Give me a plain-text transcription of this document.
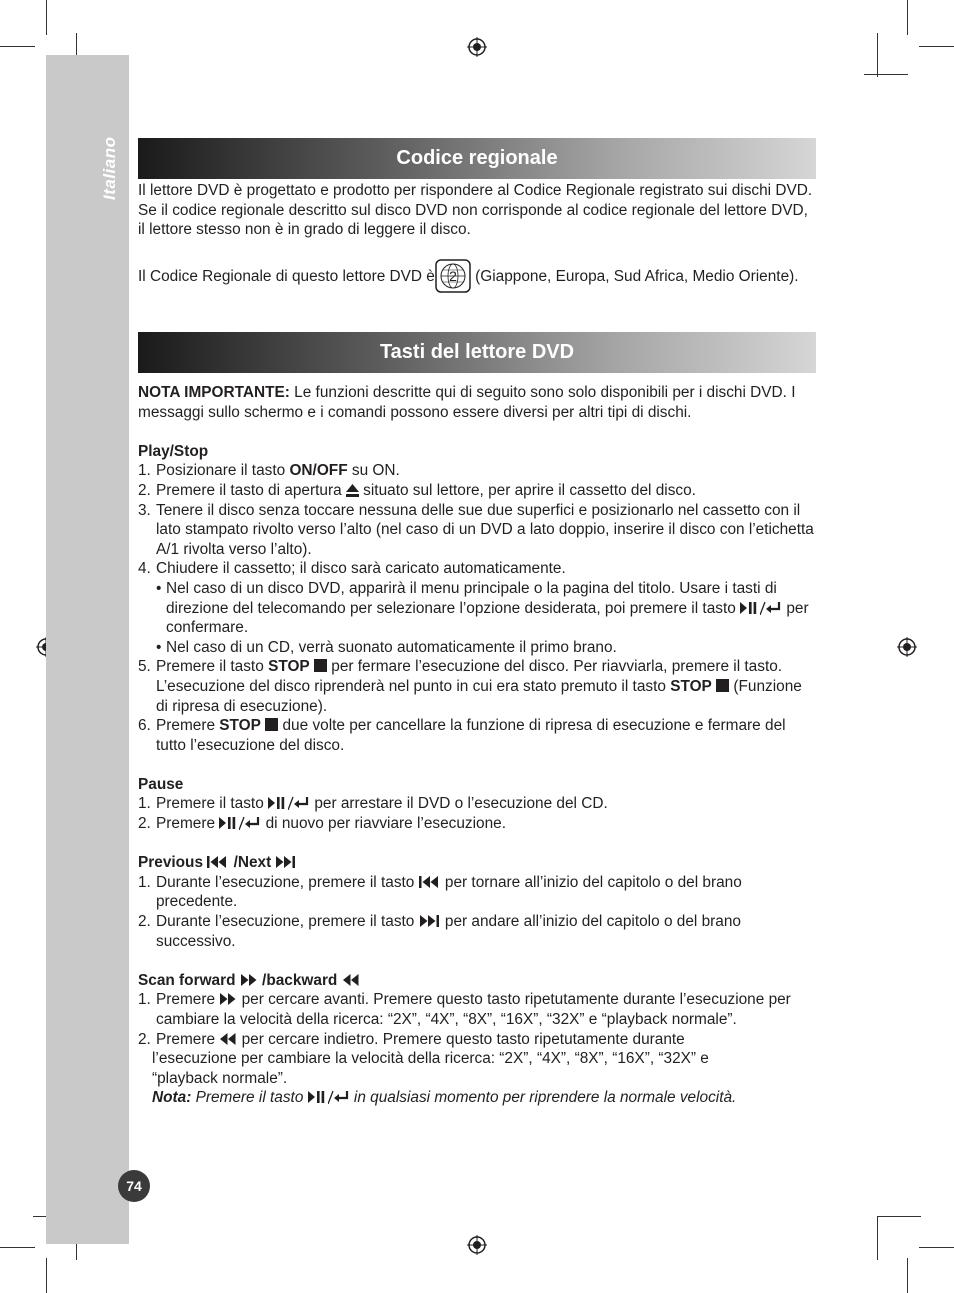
Italiano
74
Codice regionale

Il lettore DVD è progettato e prodotto per rispondere al Codice Regionale registrato sui dischi DVD. Se il codice regionale descritto sul disco DVD non corrisponde al codice regionale del lettore DVD, il lettore stesso non è in grado di leggere il disco.

Il Codice Regionale di questo lettore DVD è 2 (Giappone, Europa, Sud Africa, Medio Oriente).

Tasti del lettore DVD

NOTA IMPORTANTE: Le funzioni descritte qui di seguito sono solo disponibili per i dischi DVD. I messaggi sullo schermo e i comandi possono essere diversi per altri tipi di dischi.

Play/Stop

1. Posizionare il tasto ON/OFF su ON.
2. Premere il tasto di apertura  situato sul lettore, per aprire il cassetto del disco.
3. Tenere il disco senza toccare nessuna delle sue due superfici e posizionarlo nel cassetto con il lato stampato rivolto verso l’alto (nel caso di un DVD a lato doppio, inserire il disco con l’etichetta A/1 rivolta verso l’alto).
4. Chiudere il cassetto; il disco sarà caricato automaticamente.
• Nel caso di un disco DVD, apparirà il menu principale o la pagina del titolo. Usare i tasti di direzione del telecomando per selezionare l’opzione desiderata, poi premere il tasto	per confermare.
• Nel caso di un CD, verrà suonato automaticamente il primo brano.
5. Premere il tasto STOP  per fermare l’esecuzione del disco. Per riavviarla, premere il tasto. L’esecuzione del disco riprenderà nel punto in cui era stato premuto il tasto STOP  (Funzione di ripresa di esecuzione).
6. Premere STOP  due volte per cancellare la funzione di ripresa di esecuzione e fermare del tutto l’esecuzione del disco.

Pause

1. Premere il tasto	per arrestare il DVD o l’esecuzione del CD.
2. Premere	di nuovo per riavviare l’esecuzione.

Previous  /Next

1. Durante l’esecuzione, premere il tasto  per tornare all’inizio del capitolo o del brano precedente.
2. Durante l’esecuzione, premere il tasto  per andare all’inizio del capitolo o del brano successivo.

Scan forward  /backward

1. Premere  per cercare avanti. Premere questo tasto ripetutamente durante l’esecuzione per cambiare la velocità della ricerca: “2X”, “4X”, “8X”, “16X”, “32X” e “playback normale”.
2. Premere  per cercare indietro. Premere questo tasto ripetutamente durante

l’esecuzione per cambiare la velocità della ricerca: “2X”, “4X”, “8X”, “16X”, “32X” e

“playback normale”.

Nota: Premere il tasto	in qualsiasi momento per riprendere la normale velocità.
